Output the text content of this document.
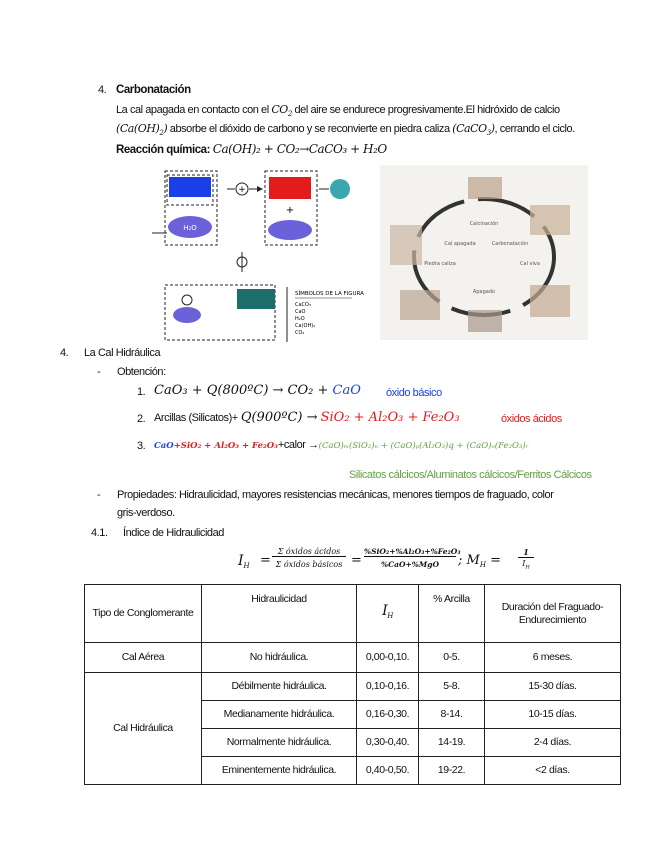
4. Carbonatación
La cal apagada en contacto con el $CO_2$ del aire se endurece progresivamente.El hidróxido de calcio
$(Ca(OH)_2)$ absorbe el dióxido de carbono y se reconvierte en piedra caliza (CaCO$_3$), cerrando el ciclo.
Reacción química: Ca(OH)₂ + CO₂→CaCO₃ + H₂O
H₂O
+
+
SÍMBOLOS DE LA FIGURA
CaCO₃
CaO
H₂O
Ca(OH)₂
CO₂
Calcinación
Piedra caliza	Cal viva
Apagado
Cal apagada	Carbonatación
4. La Cal Hidráulica
- Obtención:
1. CaO₃ + Q(800ºC) → CO₂ + CaO óxido básico
2. Arcillas (Silicatos)+ Q(900ºC) → SiO₂ + Al₂O₃ + Fe₂O₃	óxidos ácidos
3. CaO+SiO₂ + Al₂O₃ + Fe₂O₃+calor →(CaO)ₘ(SiO₂)ₙ + (CaO)ₚ(Al₂O₃)q + (CaO)ₒ(Fe₂O₃)ᵣ
Silicatos cálcicos/Aluminatos cálcicos/Ferritos Cálcicos
- Propiedades: Hidraulicidad, mayores resistencias mecánicas, menores tiempos de fraguado, color
gris-verdoso.
4.1. Índice de Hidraulicidad
$I_H$ =
Σ óxidos ácidos
Σ óxidos básicos =
%SiO₂+%Al₂O₃+%Fe₂O₃
%CaO+%MgO	; $M_H$ =
1
$I_H$
Tipo de Conglomerante	Hidraulicidad	$I_H$	% Arcilla	Duración del Fraguado-Endurecimiento
Cal Aérea	No hidráulica.	0,00-0,10.	0-5.	6 meses.
Cal Hidráulica	Débilmente hidráulica.	0,10-0,16.	5-8.	15-30 días.
	Medianamente hidráulica.	0,16-0,30.	8-14.	10-15 días.
	Normalmente hidráulica.	0,30-0,40.	14-19.	2-4 días.
	Eminentemente hidráulica.	0,40-0,50.	19-22.	<2 días.
